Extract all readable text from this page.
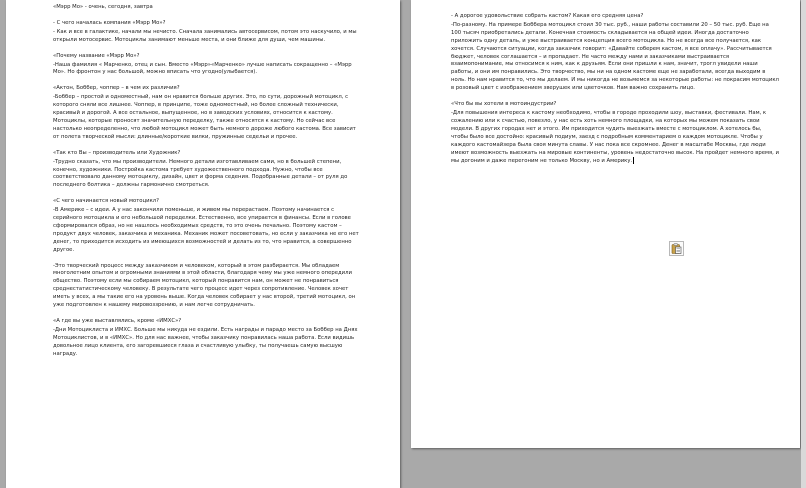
«Мэрр Мо» - очень, сегодня, завтра
- С чего началась компания «Мэрр Мо»?
- Как и все в галактике, начали мы нечисто. Сначала занимались автосервисом, потом это наскучило, и мы открыли мотосервис. Мотоциклы занимают меньше места, и они ближе для души, чем машины.
«Почему название «Мэрр Мо»?
-Наша фамилия « Марченко, отец и сын. Вместо «Мэрр»«Марченко» лучше написать сокращенно – «Мэрр Мо». Но фронтон у нас большой, можно вписать что угодно(улыбается).
«Актон, Боббер, чоппер – в чем их различия?
-Боббер – простой и одноместный, нам он нравится больше других. Это, по сути, дорожный мотоцикл, с которого сняли все лишнее. Чоппер, в принципе, тоже одноместный, но более сложный технически, красивый и дорогой. А все остальное, выпущенное, но в заводских условиях, относится к кастому. Мотоциклы, которые проносят значительную переделку, также относятся к кастому. Но сейчас все настолько неопределенно, что любой мотоцикл может быть немного дороже любого кастома. Все зависит от полета творческой мысли: длинные/короткие вилки, пружинные седельи и прочее.
«Так кто Вы – производитель или Художник?
-Трудно сказать, что мы производители. Немного детали изготавливаем сами, но в большей степени, конечно, художники. Постройка кастома требует художественного подхода. Нужно, чтобы все соответствовало данному мотоциклу, дизайн, цвет и форма седения. Подобранные детали – от руля до последнего болтика – должны гармонично смотреться.
«С чего начинается новый мотоцикл?
-В Америке – с идеи. А у нас закончили поменьше, и живем мы перерастаем. Поэтому начинается с серийного мотоцикла и его небольшой переделки. Естественно, все упирается в финансы. Если в голове сформировался образ, но не нашлось необходимых средств, то это очень печально. Поэтому кастом – продукт двух человек, заказчика и механика. Механик может посоветовать, но если у заказчика не его нет денег, то приходится исходить из имеющихся возможностей и делать из то, что нравится, а совершенно другое.
-Это творческий процесс между заказчиком и человеком, который в этом разбирается. Мы обладаем многолетним опытом и огромными знаниями в этой области, благодаря чему мы уже немного опередили общество. Поэтому если мы собираем мотоцикл, который понравится нам, он может не понравиться среднестатистическому человеку. В результате чего процесс идет через сопротивление. Человек хочет иметь у всех, а мы такие его на уровень выше. Когда человек собирает у нас второй, третий мотоцикл, он уже подготовлен к нашему мировоззрению, и нам легче сотрудничать.
«А где вы уже выставлялись, кроме «ИМХС»?
-Дни Мотоциклиста и ИМХС. Больше мы никуда не ездили. Есть награды и парадо место за Боббер на Днях Мотоциклистов, и в «ИМХС». Но для нас важнее, чтобы заказчику понравилась наша работа. Если видишь довольное лицо клиента, его загоревшиеся глаза и счастливую улыбку, ты получаешь самую высшую награду.
- А дорогое удовольствие собрать кастом? Какая его средняя цена?
-По-разному. На примере Боббера мотоцикл стоил 30 тыс. руб., наши работы составили 20 – 50 тыс. руб. Еще на 100 тысяч приобретались детали. Конечная стоимость складывается на общей идеи. Иногда достаточно приложить одну деталь, и уже выстраивается концепция всего мотоцикла. Но не всегда все получается, как хочется. Случаются ситуации, когда заказчик говорит: «Давайте соберем кастом, я все оплачу». Рассчитывается бюджет, человек соглашается – и пропадает. Не часто между нами и заказчиками выстраивается взаимопонимание, мы относимся к ним, как к друзьям. Если они пришли к нам, значит, трогл увидели наши работы, и они им понравились. Это творчество, мы ни на одном кастоме еще не заработали, всегда выходим в ноль. Но нам нравится то, что мы делаем. И мы никогда не возьмемся за некоторые работы: не покрасим мотоцикл в розовый цвет с изображением зверушек или цветочков. Нам важно сохранить лицо.
«Что бы вы хотели в мотоиндустрии?
-Для повышения интереса к кастому необходимо, чтобы в городе проходили шоу, выставки, фестивали. Нам, к сожалению или к счастью, повезло, у нас есть хоть немного площадки, на которых мы можем показать свои модели. В других городах нет и этого. Им приходится чудить выезжать вместе с мотоциклом. А хотелось бы, чтобы было все достойно: красивый подиум, заезд с подробным комментарием о каждом мотоцикле. Чтобы у каждого кастомайзера была своя минута славы. У нас пока все скромнее. Денег в масштабе Москвы, где люди имеют возможность выезжать на мировые континенты, уровень недостаточно высок. На пройдет немного время, и мы догоним и даже перегоним не только Москву, но и Америку.
